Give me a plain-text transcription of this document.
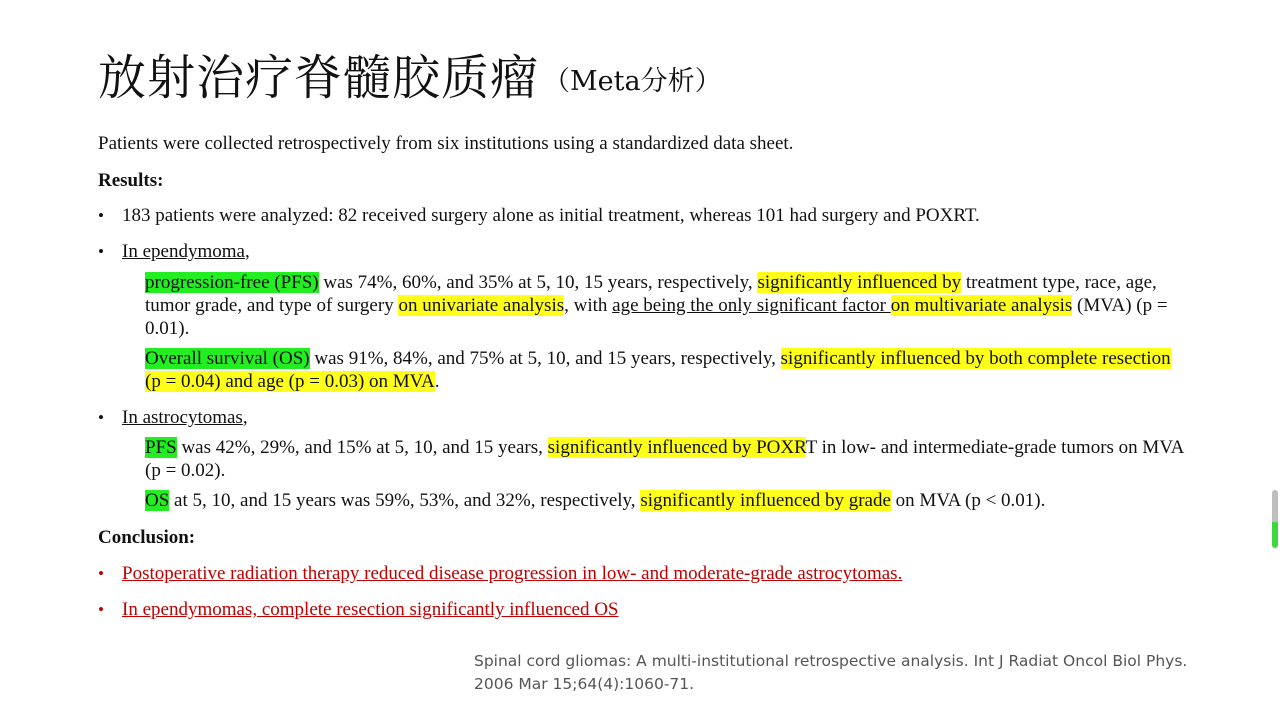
放射治疗脊髓胶质瘤 （Meta分析）

Patients were collected retrospectively from six institutions using a standardized data sheet.

Results:

• 183 patients were analyzed: 82 received surgery alone as initial treatment, whereas 101 had surgery and POXRT.

• In ependymoma,

progression-free (PFS) was 74%, 60%, and 35% at 5, 10, 15 years, respectively, significantly influenced by treatment type, race, age, tumor grade, and type of surgery on univariate analysis, with age being the only significant factor on multivariate analysis (MVA) (p = 0.01).

Overall survival (OS) was 91%, 84%, and 75% at 5, 10, and 15 years, respectively, significantly influenced by both complete resection (p = 0.04) and age (p = 0.03) on MVA.

• In astrocytomas,

PFS was 42%, 29%, and 15% at 5, 10, and 15 years, significantly influenced by POXRT in low- and intermediate-grade tumors on MVA (p = 0.02).

OS at 5, 10, and 15 years was 59%, 53%, and 32%, respectively, significantly influenced by grade on MVA (p < 0.01).

Conclusion:

• Postoperative radiation therapy reduced disease progression in low- and moderate-grade astrocytomas.

• In ependymomas, complete resection significantly influenced OS

Spinal cord gliomas: A multi-institutional retrospective analysis. Int J Radiat Oncol Biol Phys. 2006 Mar 15;64(4):1060-71.
